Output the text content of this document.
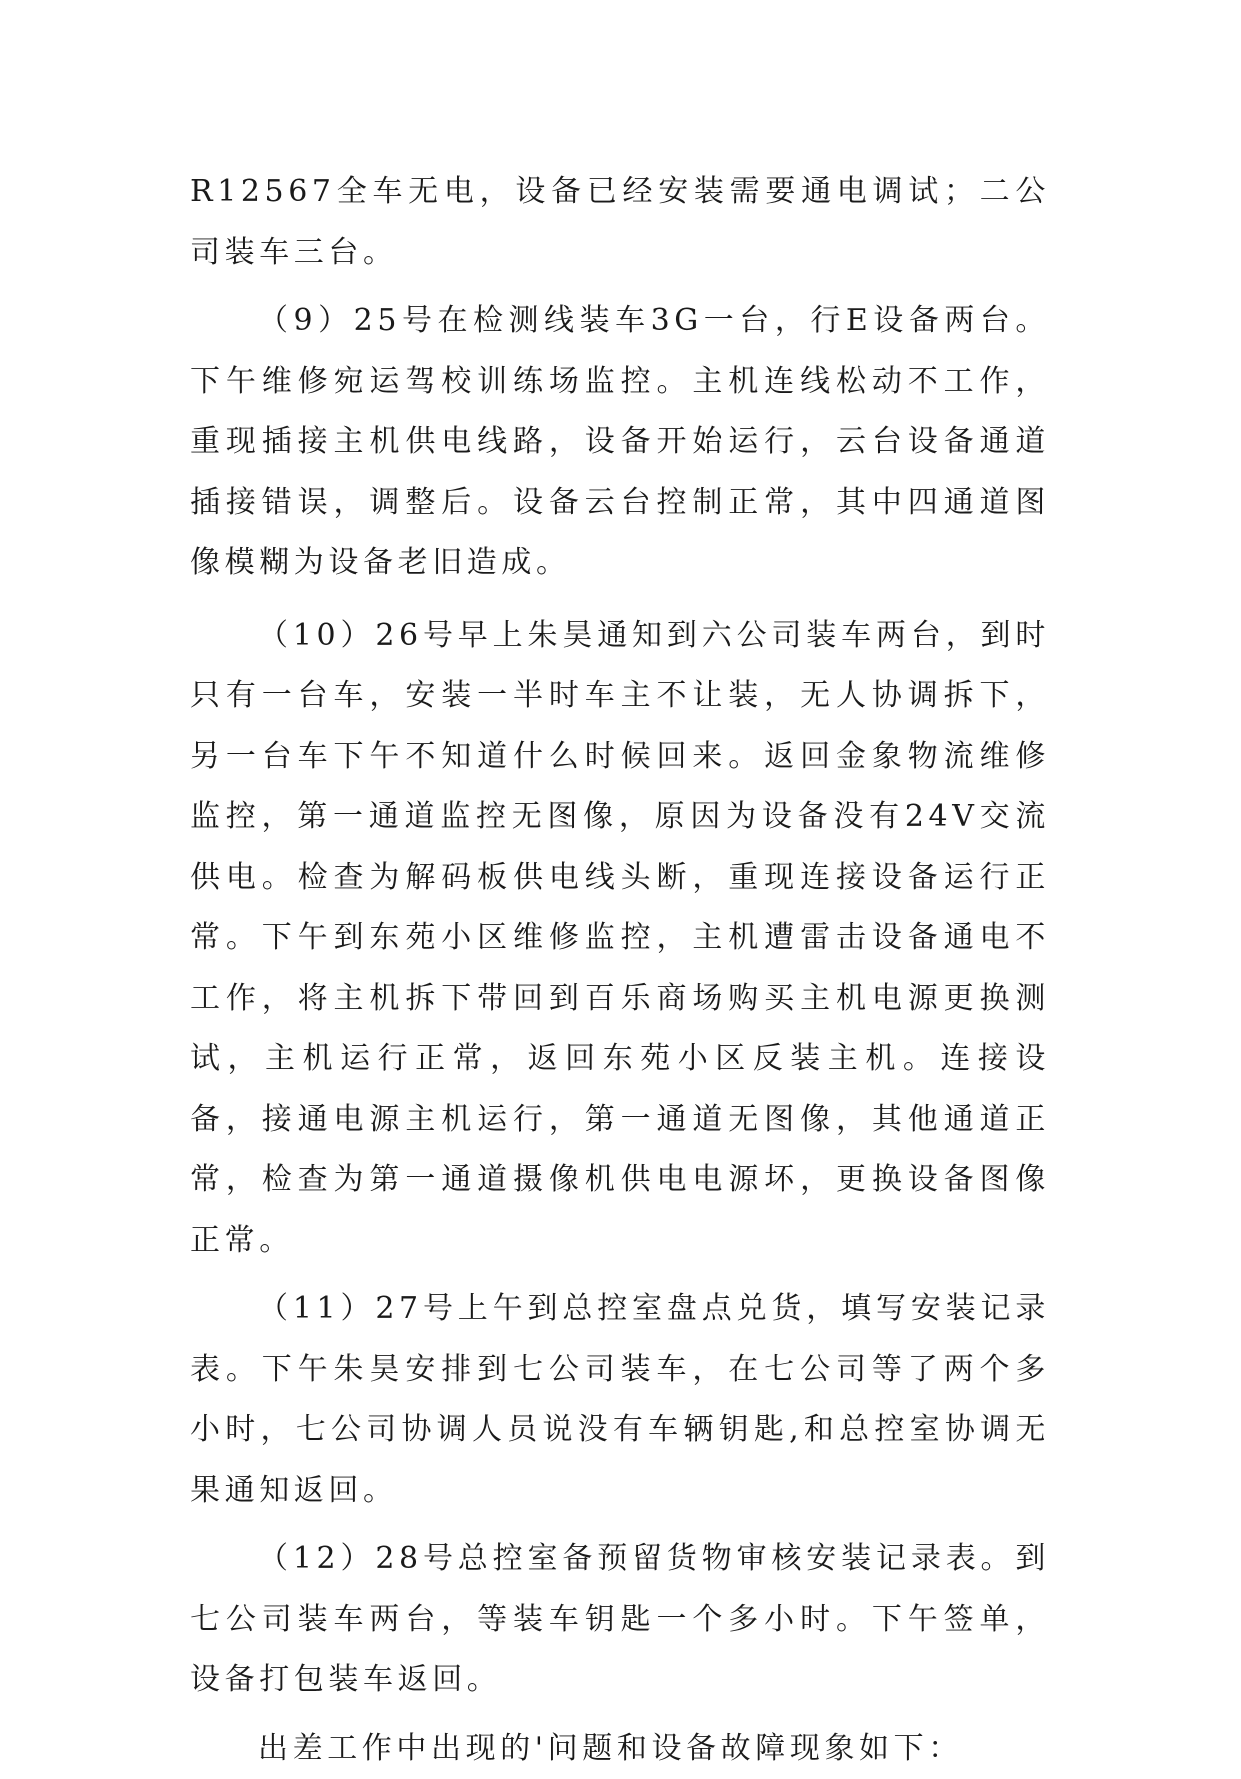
R12567全车无电，设备已经安装需要通电调试；二公司装车三台。

（9）25号在检测线装车3G一台，行E设备两台。下午维修宛运驾校训练场监控。主机连线松动不工作，重现插接主机供电线路，设备开始运行，云台设备通道插接错误，调整后。设备云台控制正常，其中四通道图像模糊为设备老旧造成。

（10）26号早上朱昊通知到六公司装车两台，到时只有一台车，安装一半时车主不让装，无人协调拆下，另一台车下午不知道什么时候回来。返回金象物流维修监控，第一通道监控无图像，原因为设备没有24V交流供电。检查为解码板供电线头断，重现连接设备运行正常。下午到东苑小区维修监控，主机遭雷击设备通电不工作，将主机拆下带回到百乐商场购买主机电源更换测试，主机运行正常，返回东苑小区反装主机。连接设备，接通电源主机运行，第一通道无图像，其他通道正常，检查为第一通道摄像机供电电源坏，更换设备图像正常。

（11）27号上午到总控室盘点兑货，填写安装记录表。下午朱昊安排到七公司装车，在七公司等了两个多小时，七公司协调人员说没有车辆钥匙,和总控室协调无果通知返回。

（12）28号总控室备预留货物审核安装记录表。到七公司装车两台，等装车钥匙一个多小时。下午签单，设备打包装车返回。

出差工作中出现的'问题和设备故障现象如下：
